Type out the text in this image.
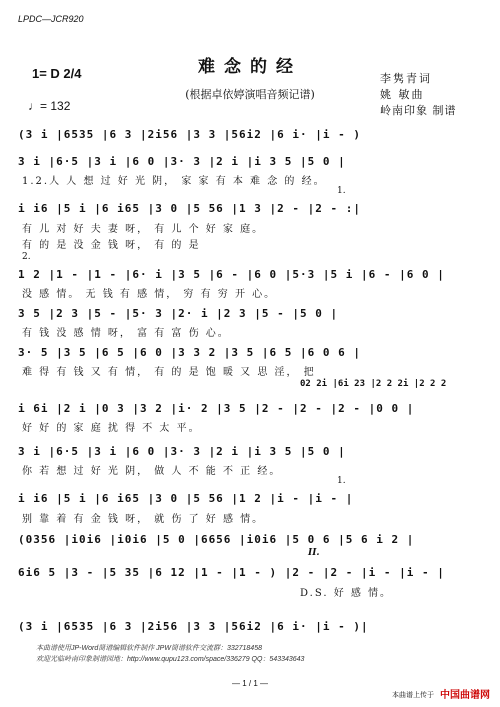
LPDC—JCR920
难念的经
(根据卓依婷演唱音频记谱)
1= D 2/4
♩= 132
李隽青词
姚 敏曲
岭南印象 制谱
(3 i |6535 |6 3 |2i56 |3 3 |56i2 |6 i· |i - )
3 i |6·5 |3 i |6 0 |3· 3 |2 i |i 3 5 |5 0 |
1.2.人 人 想 过 好 光 阴， 家 家 有 本 难 念 的 经。
1.
i i6 |5 i |6 i65 |3 0 |5 56 |1 3 |2 - |2 - :|
有 儿 对 好 夫 妻 呀， 有 儿 个 好 家 庭。
有 的 是 没 金 钱 呀， 有 的 是
2.
1 2 |1 - |1 - |6· i |3 5 |6 - |6 0 |5·3 |5 i |6 - |6 0 |
没 感 情。 无 钱 有 感 情， 穷 有 穷 开 心。
3 5 |2 3 |5 - |5· 3 |2· i |2 3 |5 - |5 0 |
有 钱 没 感 情 呀， 富 有 富 伤 心。
3· 5 |3 5 |6 5 |6 0 |3 3 2 |3 5 |6 5 |6 0 6 |
难 得 有 钱 又 有 情， 有 的 是 饱 暖 又 思 淫， 把
02 2i |6i 23 |2 2 2i |2 2 2
i 6i |2 i |0 3 |3 2 |i· 2 |3 5 |2 - |2 - |2 - |0 0 |
好 好 的 家 庭 扰 得 不 太 平。
3 i |6·5 |3 i |6 0 |3· 3 |2 i |i 3 5 |5 0 |
你 若 想 过 好 光 阴， 做 人 不 能 不 正 经。
1.
i i6 |5 i |6 i65 |3 0 |5 56 |1 2 |i - |i - |
别 靠 着 有 金 钱 呀， 就 伤 了 好 感 情。
(0356 |i0i6 |i0i6 |5 0 |6656 |i0i6 |5 0 6 |5 6 i 2 |
II.
6i6 5 |3 - |5 35 |6 12 |1 - |1 - ) |2 - |2 - |i - |i - |
D.S. 好 感 情。
(3 i |6535 |6 3 |2i56 |3 3 |56i2 |6 i· |i - )|
本曲谱使用JP-Word简谱编辑软件制作 JPW简谱软件交流群：332718458
欢迎光临岭南印象制谱园地：http://www.qupu123.com/space/336279 QQ：543343643
— 1 / 1 —
本曲谱上传于 中国曲谱网
